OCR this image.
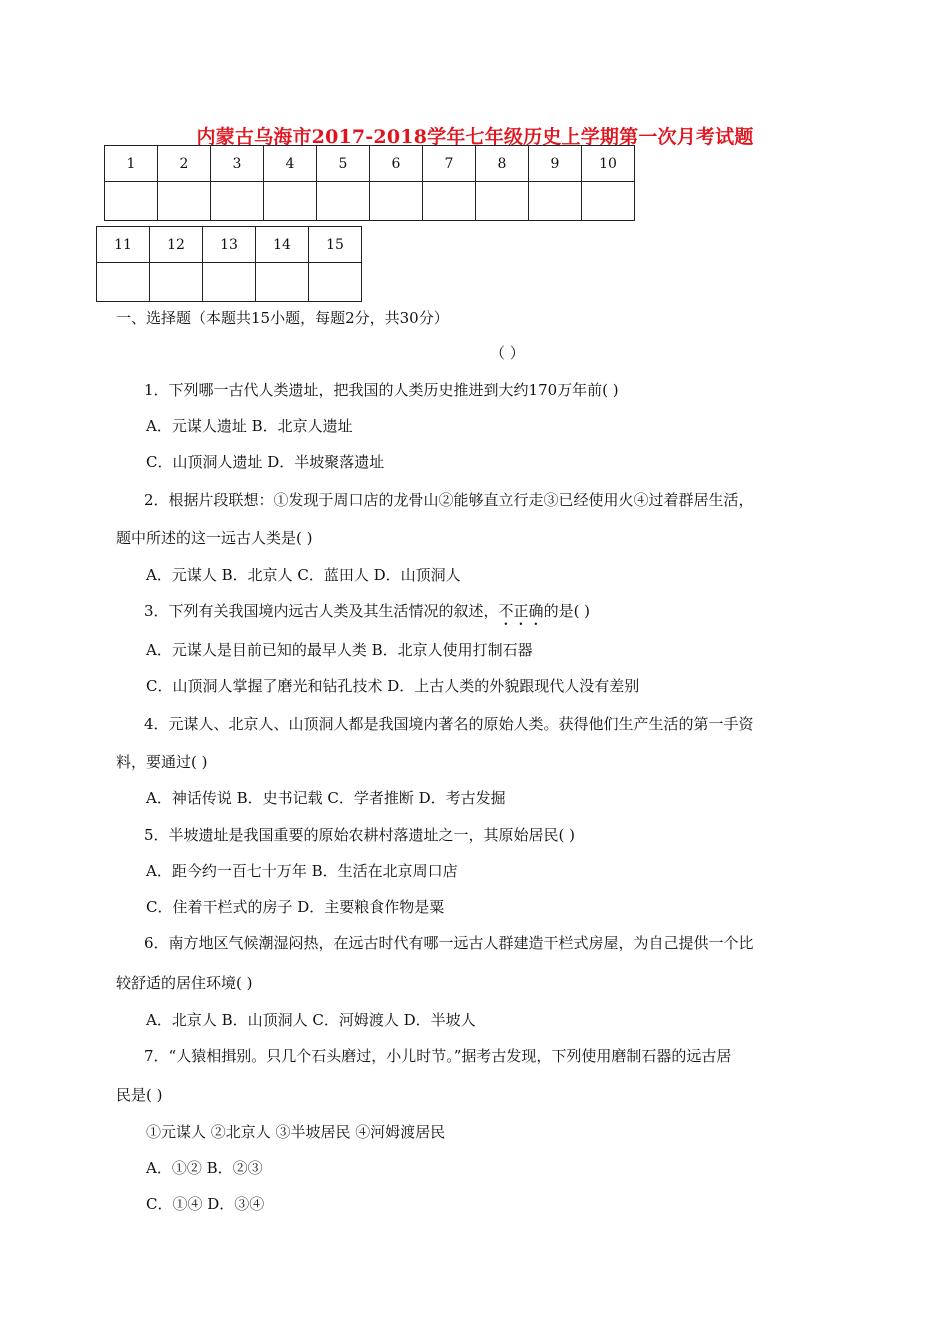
内蒙古乌海市2017-2018学年七年级历史上学期第一次月考试题
1	2	3	4	5	6	7	8	9	10

11	12	13	14	15

一、选择题（本题共15小题，每题2分，共30分）
（ ）
1．下列哪一古代人类遗址，把我国的人类历史推进到大约170万年前( )
A．元谋人遗址 B．北京人遗址
C．山顶洞人遗址 D．半坡聚落遗址
2．根据片段联想：①发现于周口店的龙骨山②能够直立行走③已经使用火④过着群居生活，
题中所述的这一远古人类是( )
A．元谋人 B．北京人 C．蓝田人 D．山顶洞人
3．下列有关我国境内远古人类及其生活情况的叙述，不正确的是( )
A．元谋人是目前已知的最早人类 B．北京人使用打制石器
C．山顶洞人掌握了磨光和钻孔技术 D．上古人类的外貌跟现代人没有差别
4．元谋人、北京人、山顶洞人都是我国境内著名的原始人类。获得他们生产生活的第一手资
料，要通过( )
A．神话传说 B．史书记载 C．学者推断 D．考古发掘
5．半坡遗址是我国重要的原始农耕村落遗址之一，其原始居民( )
A．距今约一百七十万年 B．生活在北京周口店
C．住着干栏式的房子 D．主要粮食作物是粟
6．南方地区气候潮湿闷热，在远古时代有哪一远古人群建造干栏式房屋，为自己提供一个比
较舒适的居住环境( )
A．北京人 B．山顶洞人 C．河姆渡人 D．半坡人
7．“人猿相揖别。只几个石头磨过，小儿时节。”据考古发现，下列使用磨制石器的远古居
民是( )
①元谋人 ②北京人 ③半坡居民 ④河姆渡居民
A．①② B．②③
C．①④ D．③④
